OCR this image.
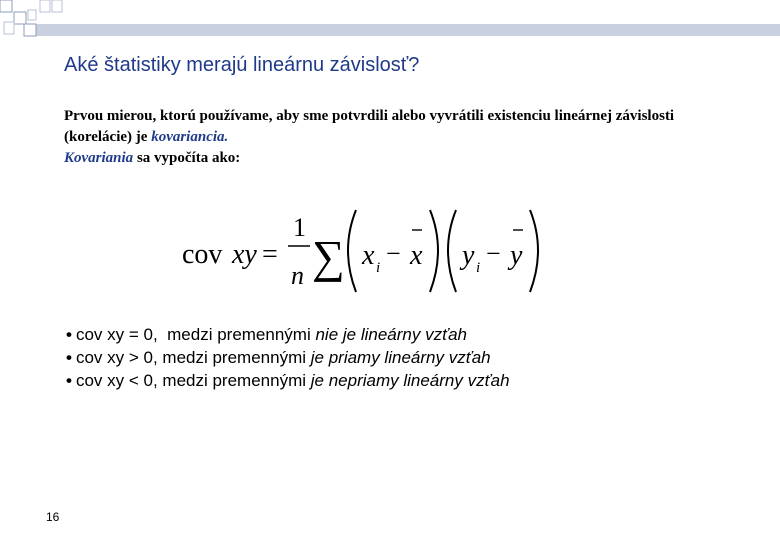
Aké štatistiky merajú lineárnu závislosť?
Prvou mierou, ktorú používame, aby sme potvrdili alebo vyvrátili existenciu lineárnej závislosti (korelácie) je kovariancia.
Kovariania sa vypočíta ako:
cov xy =
1
n ∑ x i − x y i − y
• cov xy = 0,  medzi premennými nie je lineárny vzťah
• cov xy > 0, medzi premennými je priamy lineárny vzťah
• cov xy < 0, medzi premennými je nepriamy lineárny vzťah
16
